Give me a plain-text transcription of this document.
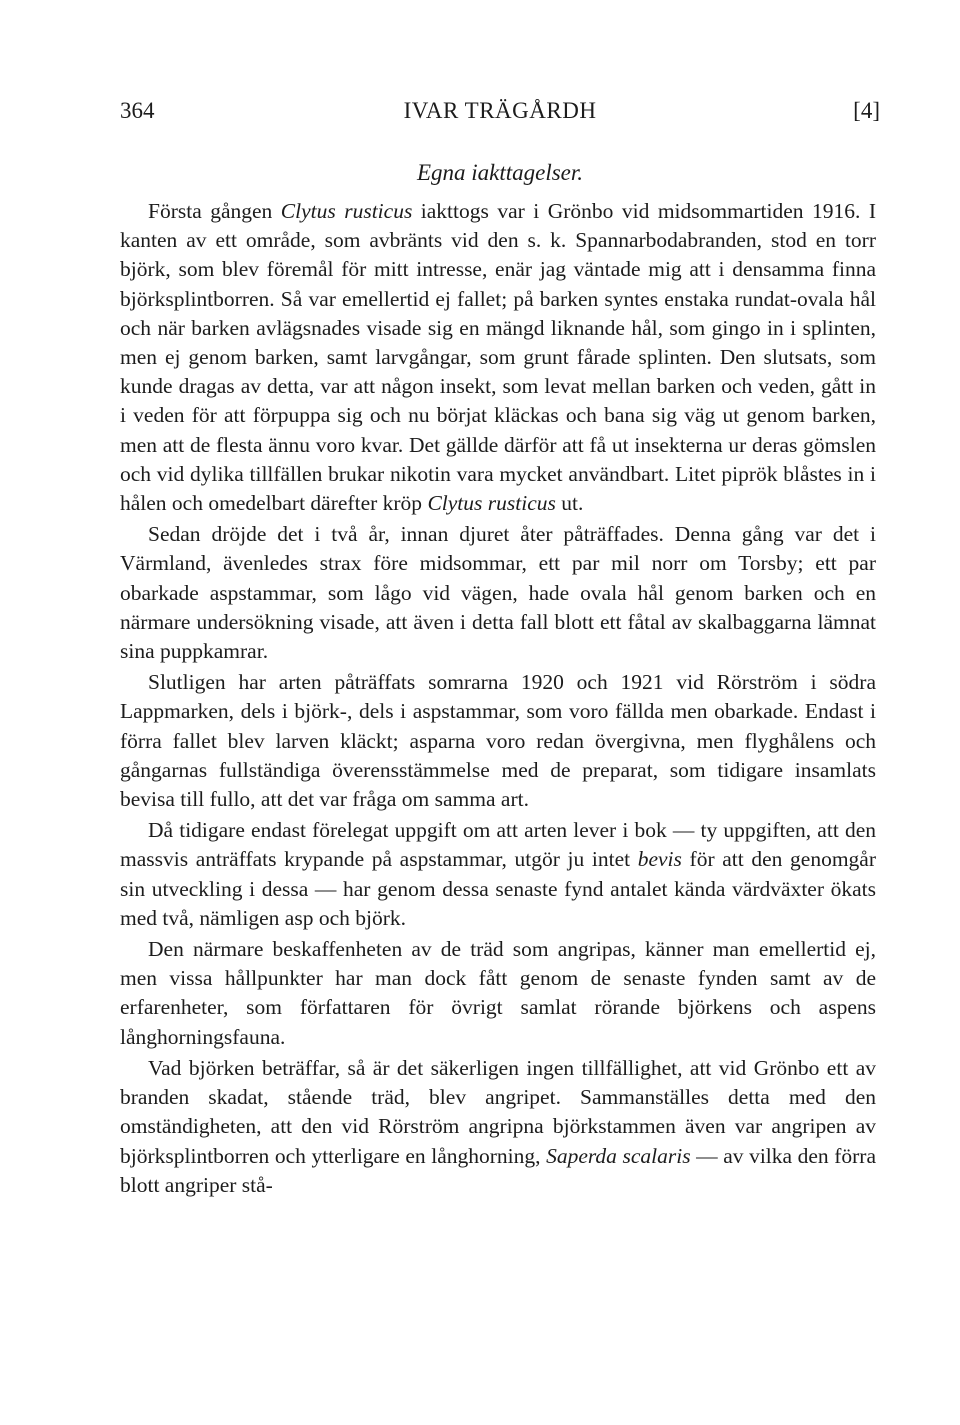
364	IVAR TRÄGÅRDH	[4]
Egna iakttagelser.

Första gången Clytus rusticus iakttogs var i Grönbo vid midsommartiden 1916. I kanten av ett område, som avbränts vid den s. k. Spannarbodabranden, stod en torr björk, som blev föremål för mitt intresse, enär jag väntade mig att i densamma finna björksplintborren. Så var emellertid ej fallet; på barken syntes enstaka rundat-ovala hål och när barken avlägsnades visade sig en mängd liknande hål, som gingo in i splinten, men ej genom barken, samt larvgångar, som grunt fårade splinten. Den slutsats, som kunde dragas av detta, var att någon insekt, som levat mellan barken och veden, gått in i veden för att förpuppa sig och nu börjat kläckas och bana sig väg ut genom barken, men att de flesta ännu voro kvar. Det gällde därför att få ut insekterna ur deras gömslen och vid dylika tillfällen brukar nikotin vara mycket användbart. Litet piprök blåstes in i hålen och omedelbart därefter kröp Clytus rusticus ut.

Sedan dröjde det i två år, innan djuret åter påträffades. Denna gång var det i Värmland, ävenledes strax före midsommar, ett par mil norr om Torsby; ett par obarkade aspstammar, som lågo vid vägen, hade ovala hål genom barken och en närmare undersökning visade, att även i detta fall blott ett fåtal av skalbaggarna lämnat sina puppkamrar.

Slutligen har arten påträffats somrarna 1920 och 1921 vid Rörström i södra Lappmarken, dels i björk-, dels i aspstammar, som voro fällda men obarkade. Endast i förra fallet blev larven kläckt; asparna voro redan övergivna, men flyghålens och gångarnas fullständiga överensstämmelse med de preparat, som tidigare insamlats bevisa till fullo, att det var fråga om samma art.

Då tidigare endast förelegat uppgift om att arten lever i bok — ty uppgiften, att den massvis anträffats krypande på aspstammar, utgör ju intet bevis för att den genomgår sin utveckling i dessa — har genom dessa senaste fynd antalet kända värdväxter ökats med två, nämligen asp och björk.

Den närmare beskaffenheten av de träd som angripas, känner man emellertid ej, men vissa hållpunkter har man dock fått genom de senaste fynden samt av de erfarenheter, som författaren för övrigt samlat rörande björkens och aspens långhorningsfauna.

Vad björken beträffar, så är det säkerligen ingen tillfällighet, att vid Grönbo ett av branden skadat, stående träd, blev angripet. Sammanställes detta med den omständigheten, att den vid Rörström angripna björkstammen även var angripen av björksplintborren och ytterligare en långhorning, Saperda scalaris — av vilka den förra blott angriper stå-
